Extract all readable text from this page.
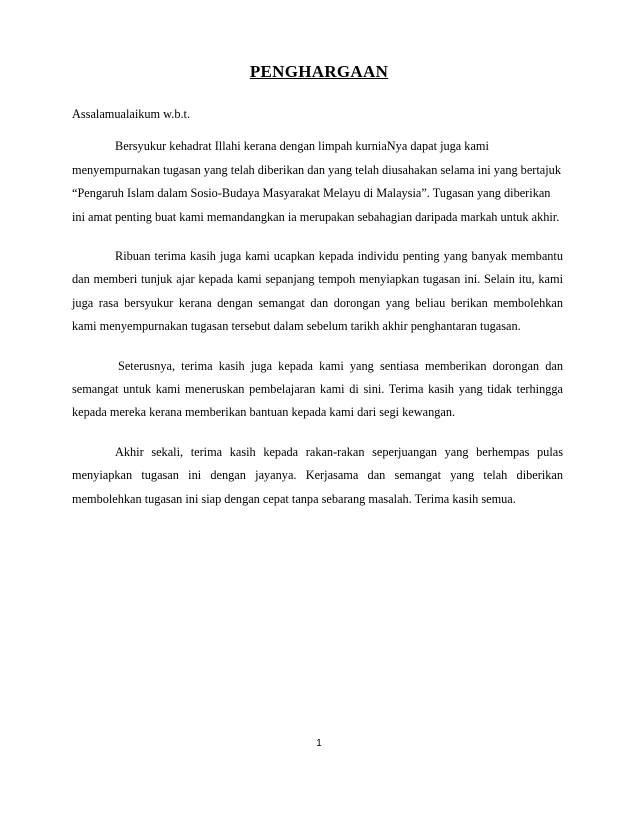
PENGHARGAAN

Assalamualaikum w.b.t.

Bersyukur kehadrat Illahi kerana dengan limpah kurniaNya dapat juga kami menyempurnakan tugasan yang telah diberikan dan yang telah diusahakan selama ini yang bertajuk “Pengaruh Islam dalam Sosio-Budaya Masyarakat Melayu di Malaysia”. Tugasan yang diberikan ini amat penting buat kami memandangkan ia merupakan sebahagian daripada markah untuk akhir.

Ribuan terima kasih juga kami ucapkan kepada individu penting yang banyak membantu dan memberi tunjuk ajar kepada kami sepanjang tempoh menyiapkan tugasan ini. Selain itu, kami juga rasa bersyukur kerana dengan semangat dan dorongan yang beliau berikan membolehkan kami menyempurnakan tugasan tersebut dalam sebelum tarikh akhir penghantaran tugasan.

Seterusnya, terima kasih juga kepada kami yang sentiasa memberikan dorongan dan semangat untuk kami meneruskan pembelajaran kami di sini. Terima kasih yang tidak terhingga kepada mereka kerana memberikan bantuan kepada kami dari segi kewangan.

Akhir sekali, terima kasih kepada rakan-rakan seperjuangan yang berhempas pulas menyiapkan tugasan ini dengan jayanya. Kerjasama dan semangat yang telah diberikan membolehkan tugasan ini siap dengan cepat tanpa sebarang masalah. Terima kasih semua.

1
